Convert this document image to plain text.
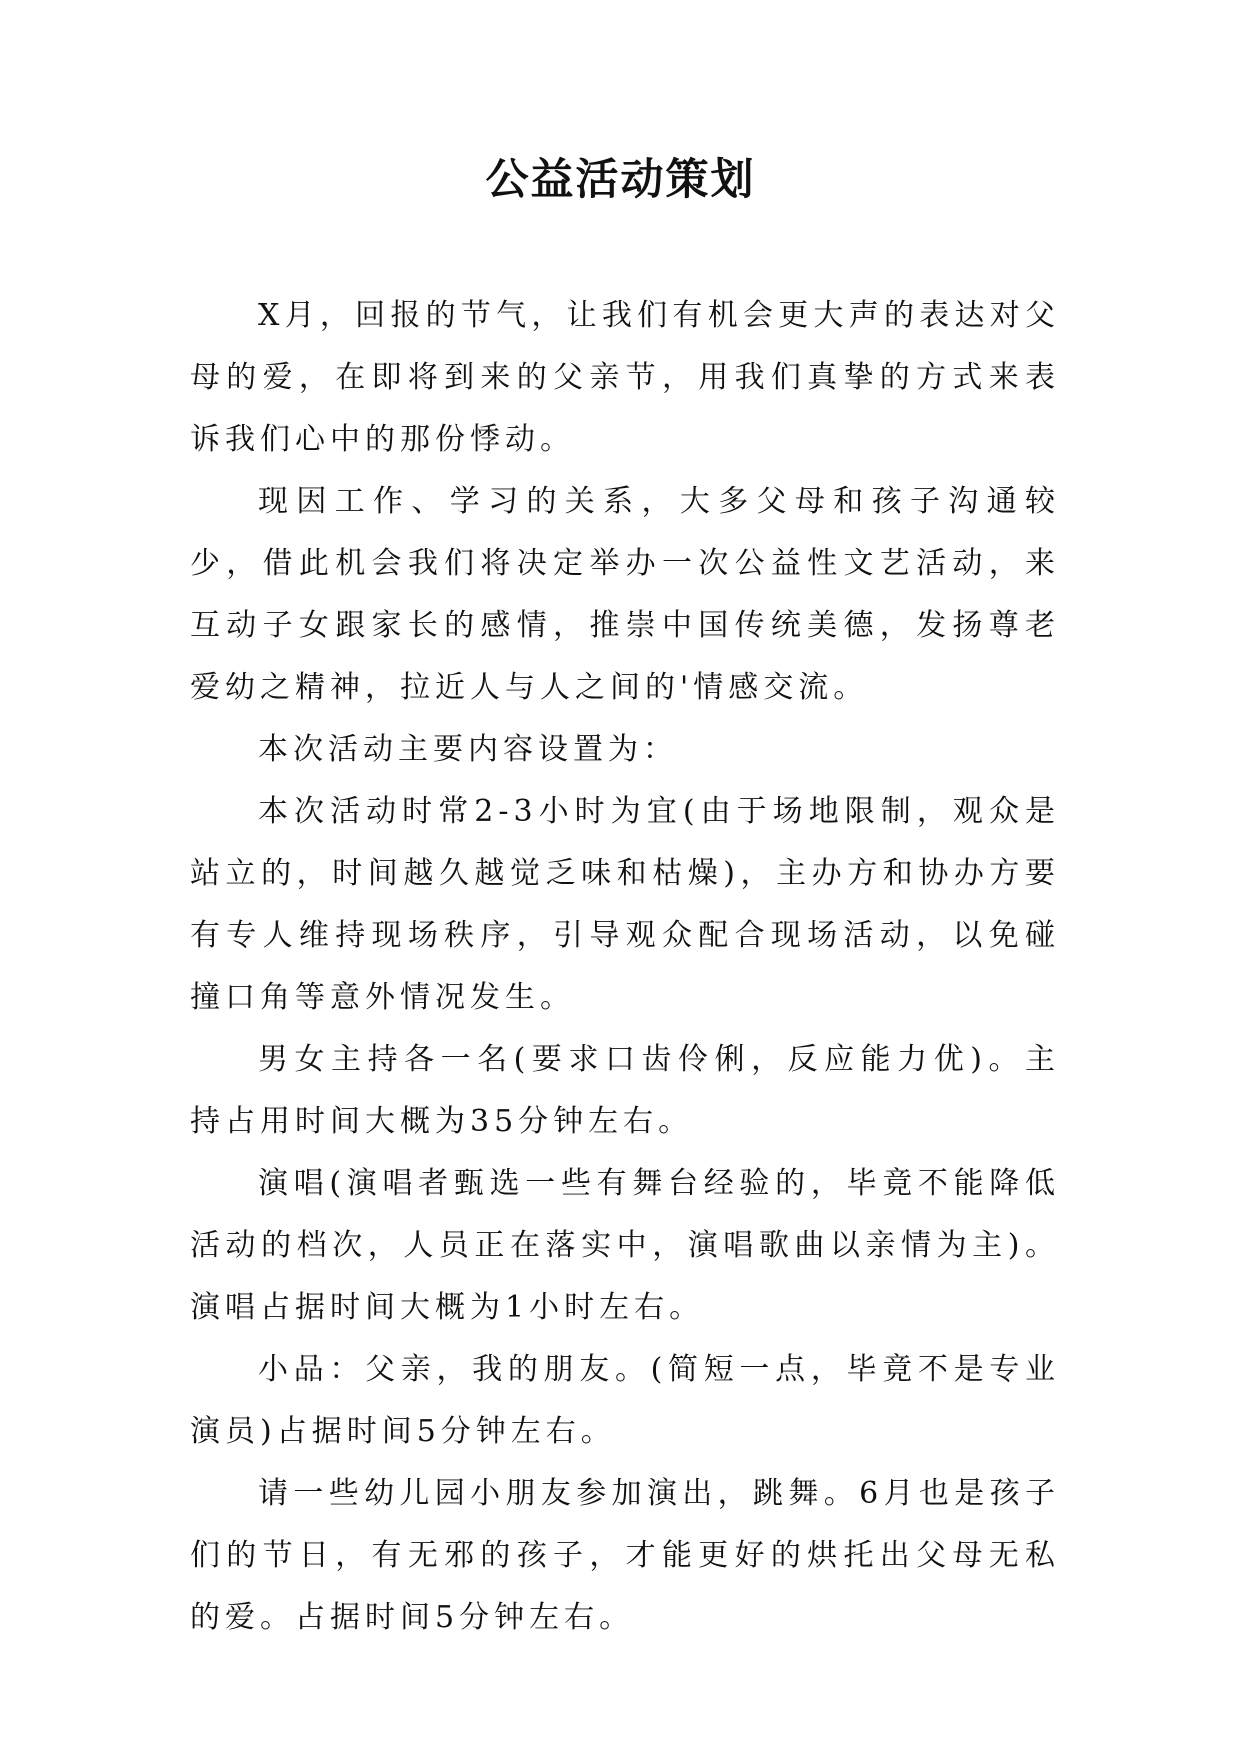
公益活动策划

X月，回报的节气，让我们有机会更大声的表达对父母的爱，在即将到来的父亲节，用我们真挚的方式来表诉我们心中的那份悸动。

现因工作、学习的关系，大多父母和孩子沟通较少，借此机会我们将决定举办一次公益性文艺活动，来互动子女跟家长的感情，推崇中国传统美德，发扬尊老爱幼之精神，拉近人与人之间的'情感交流。

本次活动主要内容设置为：

本次活动时常2-3小时为宜(由于场地限制，观众是站立的，时间越久越觉乏味和枯燥)，主办方和协办方要有专人维持现场秩序，引导观众配合现场活动，以免碰撞口角等意外情况发生。

男女主持各一名(要求口齿伶俐，反应能力优)。主持占用时间大概为35分钟左右。

演唱(演唱者甄选一些有舞台经验的，毕竟不能降低活动的档次，人员正在落实中，演唱歌曲以亲情为主)。演唱占据时间大概为1小时左右。

小品：父亲，我的朋友。(简短一点，毕竟不是专业演员)占据时间5分钟左右。

请一些幼儿园小朋友参加演出，跳舞。6月也是孩子们的节日，有无邪的孩子，才能更好的烘托出父母无私的爱。占据时间5分钟左右。
